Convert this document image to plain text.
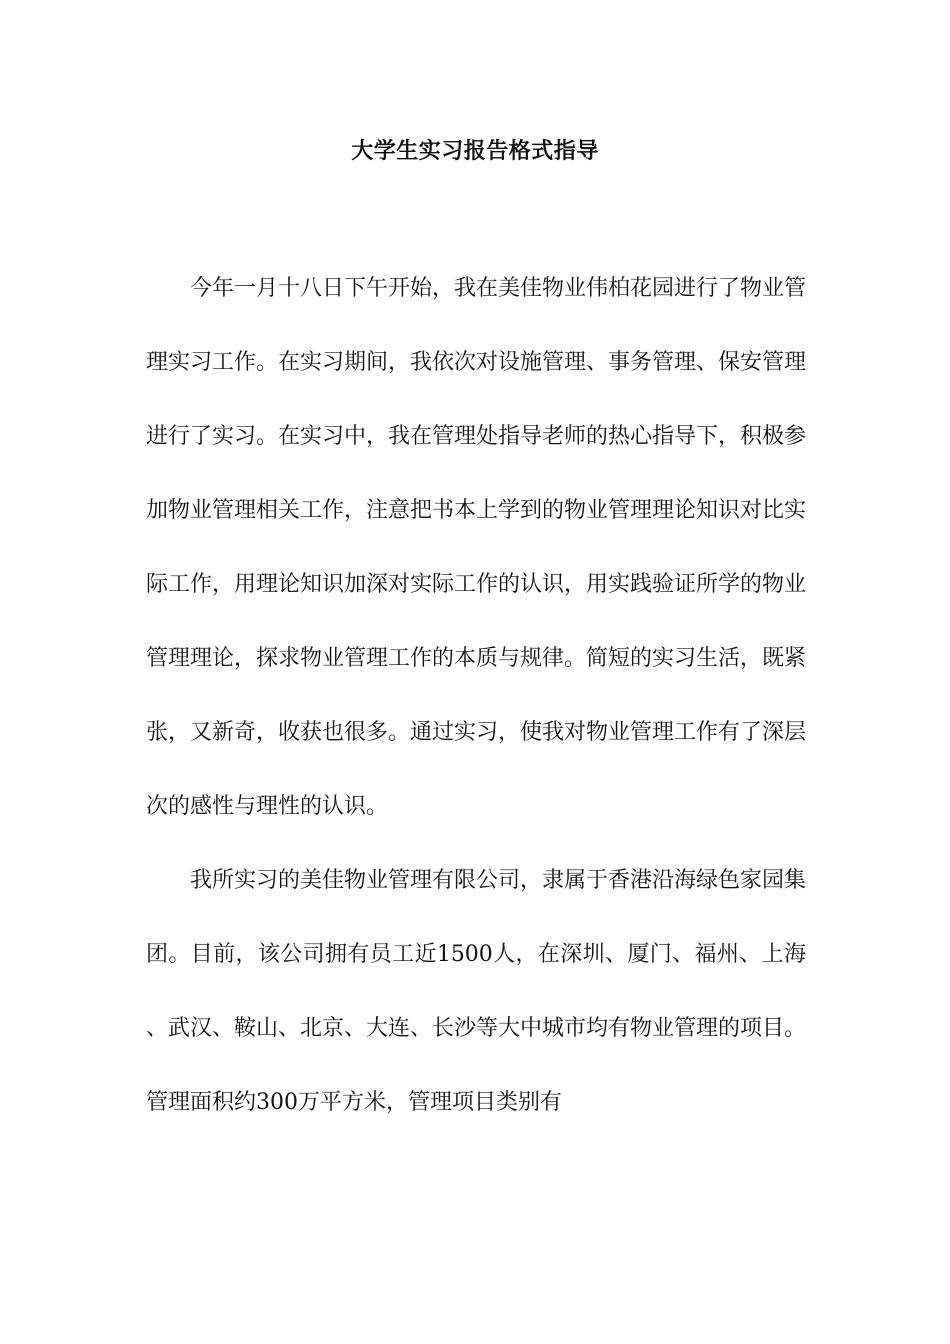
大学生实习报告格式指导

今年一月十八日下午开始，我在美佳物业伟柏花园进行了物业管理实习工作。在实习期间，我依次对设施管理、事务管理、保安管理进行了实习。在实习中，我在管理处指导老师的热心指导下，积极参加物业管理相关工作，注意把书本上学到的物业管理理论知识对比实际工作，用理论知识加深对实际工作的认识，用实践验证所学的物业管理理论，探求物业管理工作的本质与规律。简短的实习生活，既紧张，又新奇，收获也很多。通过实习，使我对物业管理工作有了深层次的感性与理性的认识。

我所实习的美佳物业管理有限公司，隶属于香港沿海绿色家园集团。目前，该公司拥有员工近1500人，在深圳、厦门、福州、上海、武汉、鞍山、北京、大连、长沙等大中城市均有物业管理的项目。管理面积约300万平方米，管理项目类别有
